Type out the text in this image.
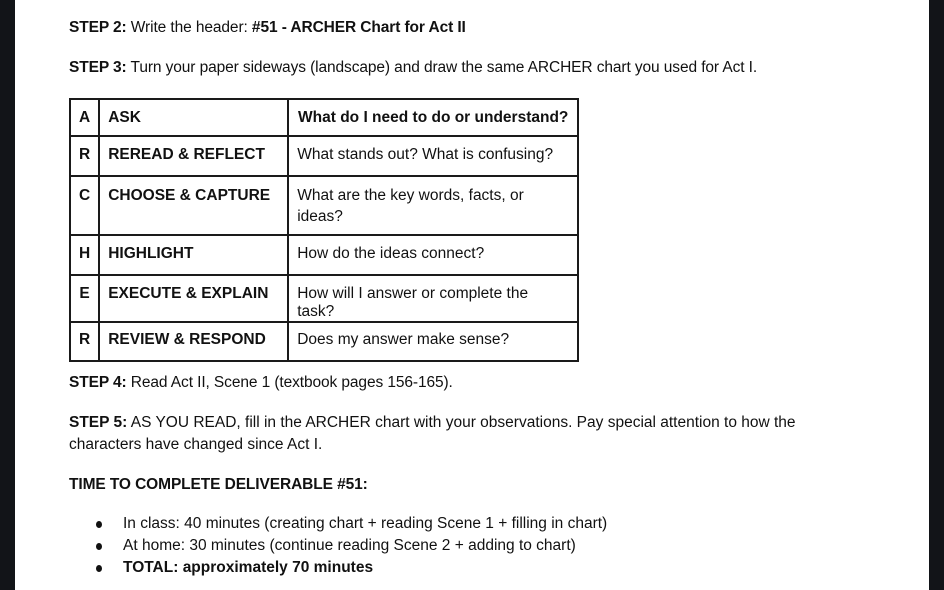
STEP 2: Write the header: #51 - ARCHER Chart for Act II
STEP 3: Turn your paper sideways (landscape) and draw the same ARCHER chart you used for Act I.
A	ASK	What do I need to do or understand?
R	REREAD & REFLECT	What stands out? What is confusing?
C	CHOOSE & CAPTURE	What are the key words, facts, or ideas?
H	HIGHLIGHT	How do the ideas connect?
E	EXECUTE & EXPLAIN	How will I answer or complete the task?
R	REVIEW & RESPOND	Does my answer make sense?
STEP 4: Read Act II, Scene 1 (textbook pages 156-165).
STEP 5: AS YOU READ, fill in the ARCHER chart with your observations. Pay special attention to how the characters have changed since Act I.
TIME TO COMPLETE DELIVERABLE #51:
In class: 40 minutes (creating chart + reading Scene 1 + filling in chart)
At home: 30 minutes (continue reading Scene 2 + adding to chart)
TOTAL: approximately 70 minutes
